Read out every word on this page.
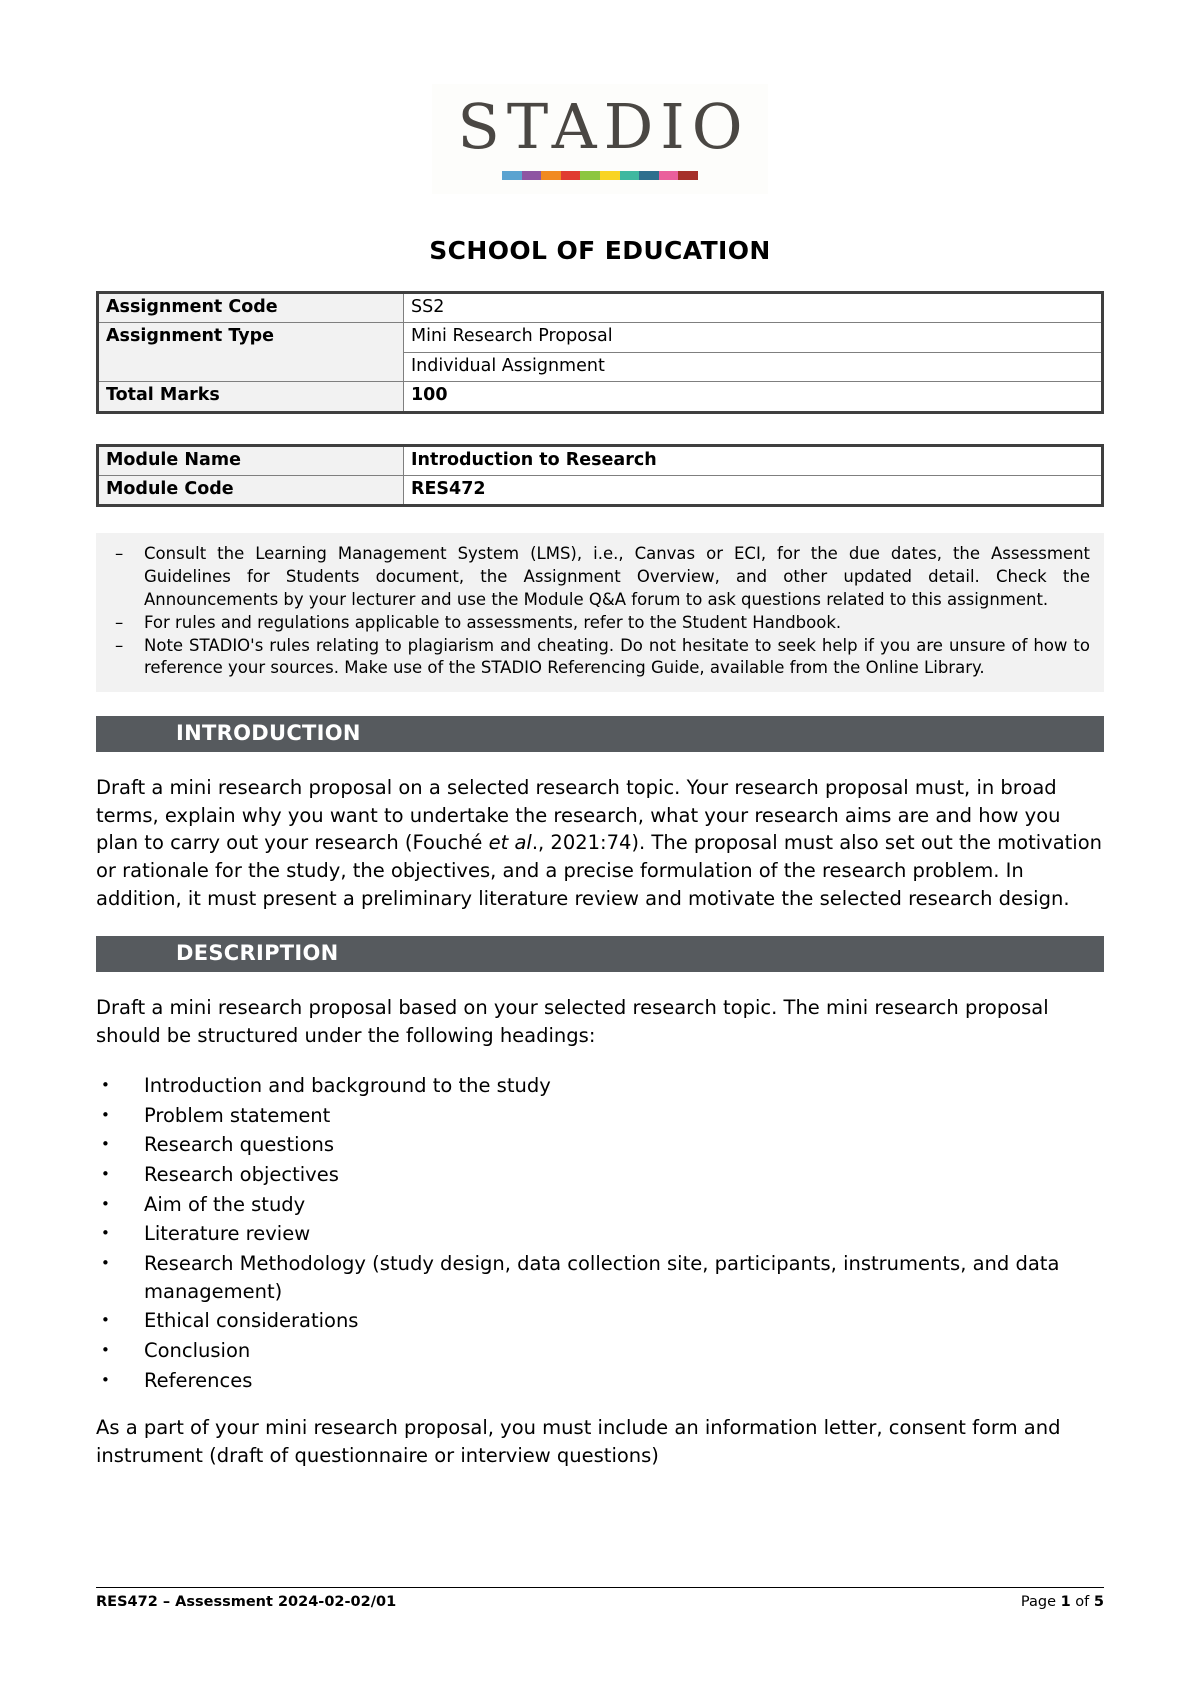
STADIO
SCHOOL OF EDUCATION
Assignment Code	SS2
Assignment Type	Mini Research Proposal
	Individual Assignment
Total Marks	100
Module Name	Introduction to Research
Module Code	RES472
–	Consult the Learning Management System (LMS), i.e., Canvas or ECI, for the due dates, the Assessment Guidelines for Students document, the Assignment Overview, and other updated detail. Check the Announcements by your lecturer and use the Module Q&A forum to ask questions related to this assignment.
–	For rules and regulations applicable to assessments, refer to the Student Handbook.
–	Note STADIO's rules relating to plagiarism and cheating. Do not hesitate to seek help if you are unsure of how to reference your sources. Make use of the STADIO Referencing Guide, available from the Online Library.
INTRODUCTION
Draft a mini research proposal on a selected research topic. Your research proposal must, in broad terms, explain why you want to undertake the research, what your research aims are and how you plan to carry out your research (Fouché et al., 2021:74). The proposal must also set out the motivation or rationale for the study, the objectives, and a precise formulation of the research problem. In addition, it must present a preliminary literature review and motivate the selected research design.
DESCRIPTION
Draft a mini research proposal based on your selected research topic. The mini research proposal should be structured under the following headings:
•	Introduction and background to the study
•	Problem statement
•	Research questions
•	Research objectives
•	Aim of the study
•	Literature review
•	Research Methodology (study design, data collection site, participants, instruments, and data management)
•	Ethical considerations
•	Conclusion
•	References
As a part of your mini research proposal, you must include an information letter, consent form and instrument (draft of questionnaire or interview questions)
RES472 – Assessment 2024-02-02/01	Page 1 of 5
